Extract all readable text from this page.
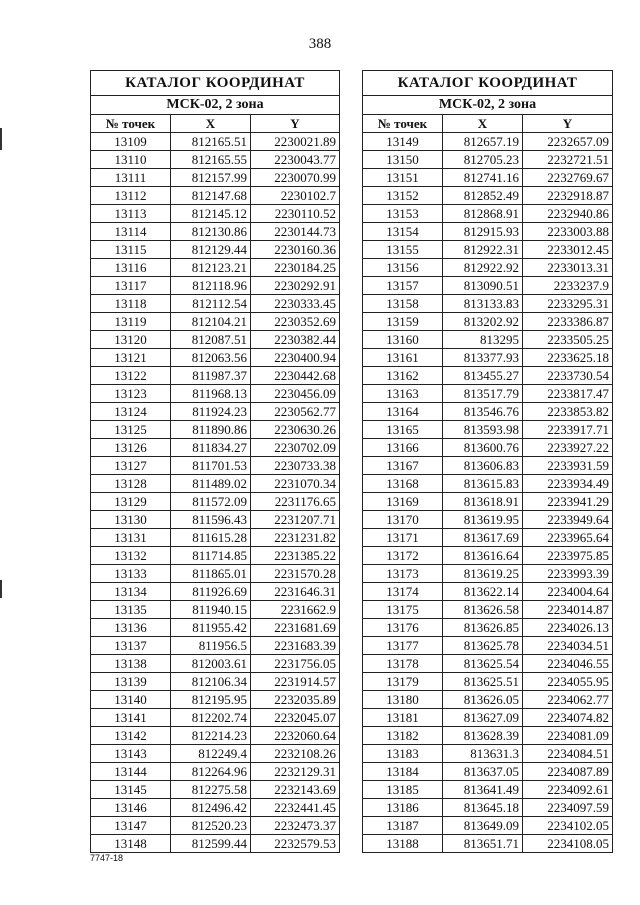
388
КАТАЛОГ КООРДИНАТ		
МСК-02, 2 зона		
№ точек	X	Y
13109	812165.51	2230021.89
13110	812165.55	2230043.77
13111	812157.99	2230070.99
13112	812147.68	2230102.7
13113	812145.12	2230110.52
13114	812130.86	2230144.73
13115	812129.44	2230160.36
13116	812123.21	2230184.25
13117	812118.96	2230292.91
13118	812112.54	2230333.45
13119	812104.21	2230352.69
13120	812087.51	2230382.44
13121	812063.56	2230400.94
13122	811987.37	2230442.68
13123	811968.13	2230456.09
13124	811924.23	2230562.77
13125	811890.86	2230630.26
13126	811834.27	2230702.09
13127	811701.53	2230733.38
13128	811489.02	2231070.34
13129	811572.09	2231176.65
13130	811596.43	2231207.71
13131	811615.28	2231231.82
13132	811714.85	2231385.22
13133	811865.01	2231570.28
13134	811926.69	2231646.31
13135	811940.15	2231662.9
13136	811955.42	2231681.69
13137	811956.5	2231683.39
13138	812003.61	2231756.05
13139	812106.34	2231914.57
13140	812195.95	2232035.89
13141	812202.74	2232045.07
13142	812214.23	2232060.64
13143	812249.4	2232108.26
13144	812264.96	2232129.31
13145	812275.58	2232143.69
13146	812496.42	2232441.45
13147	812520.23	2232473.37
13148	812599.44	2232579.53
КАТАЛОГ КООРДИНАТ		
МСК-02, 2 зона		
№ точек	X	Y
13149	812657.19	2232657.09
13150	812705.23	2232721.51
13151	812741.16	2232769.67
13152	812852.49	2232918.87
13153	812868.91	2232940.86
13154	812915.93	2233003.88
13155	812922.31	2233012.45
13156	812922.92	2233013.31
13157	813090.51	2233237.9
13158	813133.83	2233295.31
13159	813202.92	2233386.87
13160	813295	2233505.25
13161	813377.93	2233625.18
13162	813455.27	2233730.54
13163	813517.79	2233817.47
13164	813546.76	2233853.82
13165	813593.98	2233917.71
13166	813600.76	2233927.22
13167	813606.83	2233931.59
13168	813615.83	2233934.49
13169	813618.91	2233941.29
13170	813619.95	2233949.64
13171	813617.69	2233965.64
13172	813616.64	2233975.85
13173	813619.25	2233993.39
13174	813622.14	2234004.64
13175	813626.58	2234014.87
13176	813626.85	2234026.13
13177	813625.78	2234034.51
13178	813625.54	2234046.55
13179	813625.51	2234055.95
13180	813626.05	2234062.77
13181	813627.09	2234074.82
13182	813628.39	2234081.09
13183	813631.3	2234084.51
13184	813637.05	2234087.89
13185	813641.49	2234092.61
13186	813645.18	2234097.59
13187	813649.09	2234102.05
13188	813651.71	2234108.05
7747-18
